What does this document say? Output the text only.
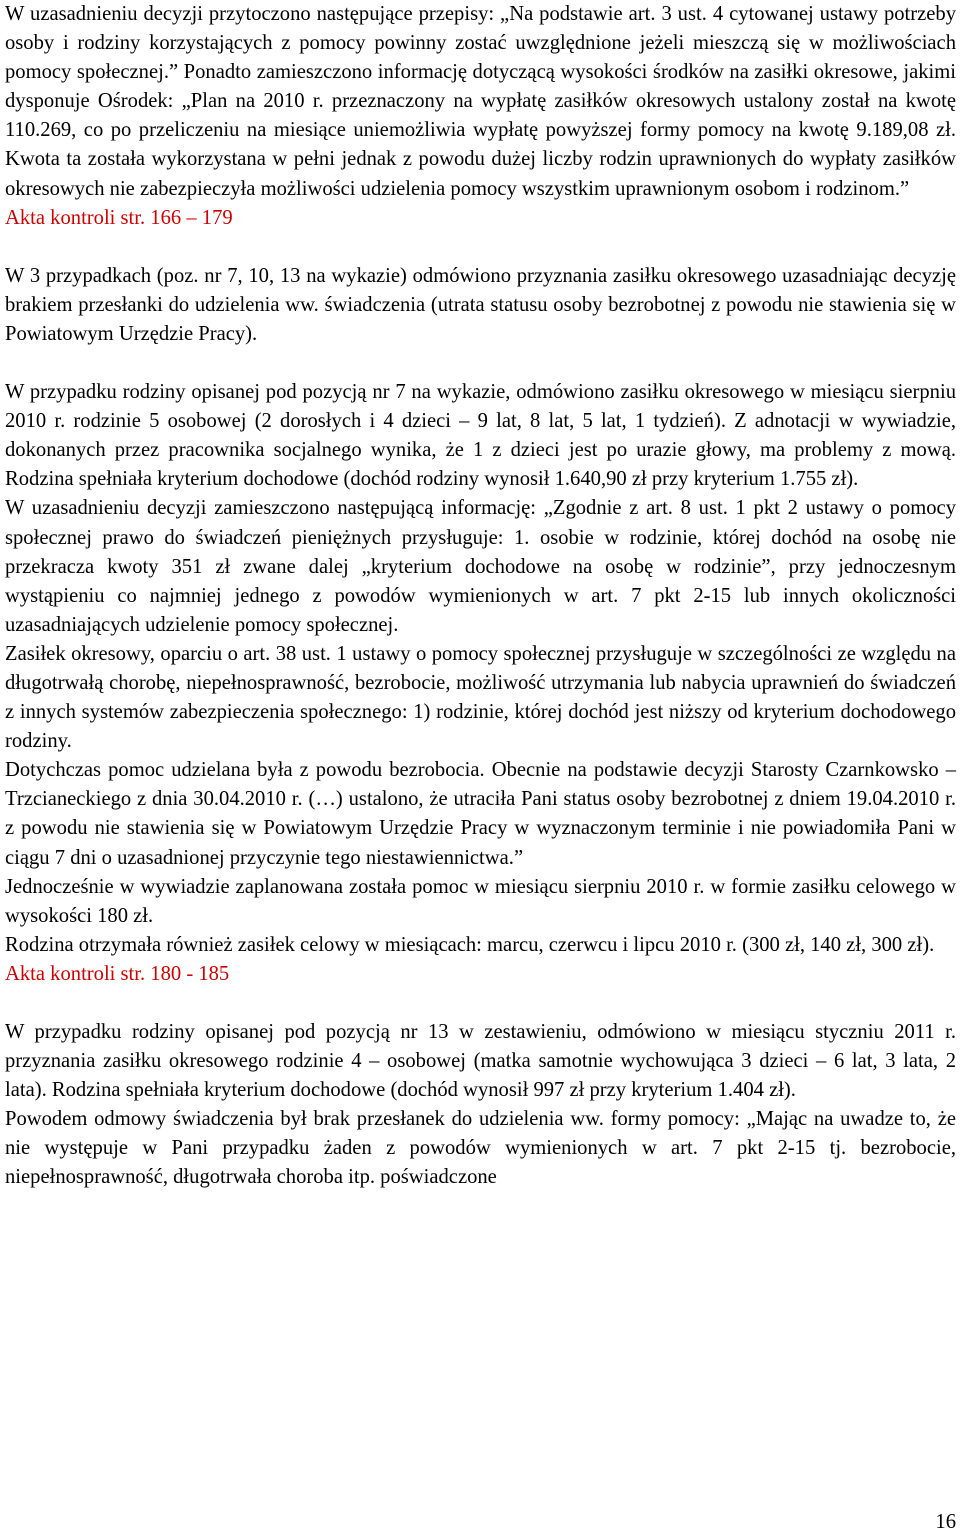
W uzasadnieniu decyzji przytoczono następujące przepisy: „Na podstawie art. 3 ust. 4 cytowanej ustawy potrzeby osoby i rodziny korzystających z pomocy powinny zostać uwzględnione jeżeli mieszczą się w możliwościach pomocy społecznej.” Ponadto zamieszczono informację dotyczącą wysokości środków na zasiłki okresowe, jakimi dysponuje Ośrodek: „Plan na 2010 r. przeznaczony na wypłatę zasiłków okresowych ustalony został na kwotę 110.269, co po przeliczeniu na miesiące uniemożliwia wypłatę powyższej formy pomocy na kwotę 9.189,08 zł. Kwota ta została wykorzystana w pełni jednak z powodu dużej liczby rodzin uprawnionych do wypłaty zasiłków okresowych nie zabezpieczyła możliwości udzielenia pomocy wszystkim uprawnionym osobom i rodzinom.”

Akta kontroli str. 166 – 179

W 3 przypadkach (poz. nr 7, 10, 13 na wykazie) odmówiono przyznania zasiłku okresowego uzasadniając decyzję brakiem przesłanki do udzielenia ww. świadczenia (utrata statusu osoby bezrobotnej z powodu nie stawienia się w Powiatowym Urzędzie Pracy).

W przypadku rodziny opisanej pod pozycją nr 7 na wykazie, odmówiono zasiłku okresowego w miesiącu sierpniu 2010 r. rodzinie 5 osobowej (2 dorosłych i 4 dzieci – 9 lat, 8 lat, 5 lat, 1 tydzień). Z adnotacji w wywiadzie, dokonanych przez pracownika socjalnego wynika, że 1 z dzieci jest po urazie głowy, ma problemy z mową. Rodzina spełniała kryterium dochodowe (dochód rodziny wynosił 1.640,90 zł przy kryterium 1.755 zł).

W uzasadnieniu decyzji zamieszczono następującą informację: „Zgodnie z art. 8 ust. 1 pkt 2 ustawy o pomocy społecznej prawo do świadczeń pieniężnych przysługuje: 1. osobie w rodzinie, której dochód na osobę nie przekracza kwoty 351 zł zwane dalej „kryterium dochodowe na osobę w rodzinie”, przy jednoczesnym wystąpieniu co najmniej jednego z powodów wymienionych w art. 7 pkt 2-15 lub innych okoliczności uzasadniających udzielenie pomocy społecznej.

Zasiłek okresowy, oparciu o art. 38 ust. 1 ustawy o pomocy społecznej przysługuje w szczególności ze względu na długotrwałą chorobę, niepełnosprawność, bezrobocie, możliwość utrzymania lub nabycia uprawnień do świadczeń z innych systemów zabezpieczenia społecznego: 1) rodzinie, której dochód jest niższy od kryterium dochodowego rodziny.

Dotychczas pomoc udzielana była z powodu bezrobocia. Obecnie na podstawie decyzji Starosty Czarnkowsko – Trzcianeckiego z dnia 30.04.2010 r. (…) ustalono, że utraciła Pani status osoby bezrobotnej z dniem 19.04.2010 r. z powodu nie stawienia się w Powiatowym Urzędzie Pracy w wyznaczonym terminie i nie powiadomiła Pani w ciągu 7 dni o uzasadnionej przyczynie tego niestawiennictwa.”

Jednocześnie w wywiadzie zaplanowana została pomoc w miesiącu sierpniu 2010 r. w formie zasiłku celowego w wysokości 180 zł.

Rodzina otrzymała również zasiłek celowy w miesiącach: marcu, czerwcu i lipcu 2010 r. (300 zł, 140 zł, 300 zł).

Akta kontroli str. 180 - 185

W przypadku rodziny opisanej pod pozycją nr 13 w zestawieniu, odmówiono w miesiącu styczniu 2011 r. przyznania zasiłku okresowego rodzinie 4 – osobowej (matka samotnie wychowująca 3 dzieci – 6 lat, 3 lata, 2 lata). Rodzina spełniała kryterium dochodowe (dochód wynosił 997 zł przy kryterium 1.404 zł).

Powodem odmowy świadczenia był brak przesłanek do udzielenia ww. formy pomocy: „Mając na uwadze to, że nie występuje w Pani przypadku żaden z powodów wymienionych w art. 7 pkt 2-15 tj. bezrobocie, niepełnosprawność, długotrwała choroba itp. poświadczone

16
